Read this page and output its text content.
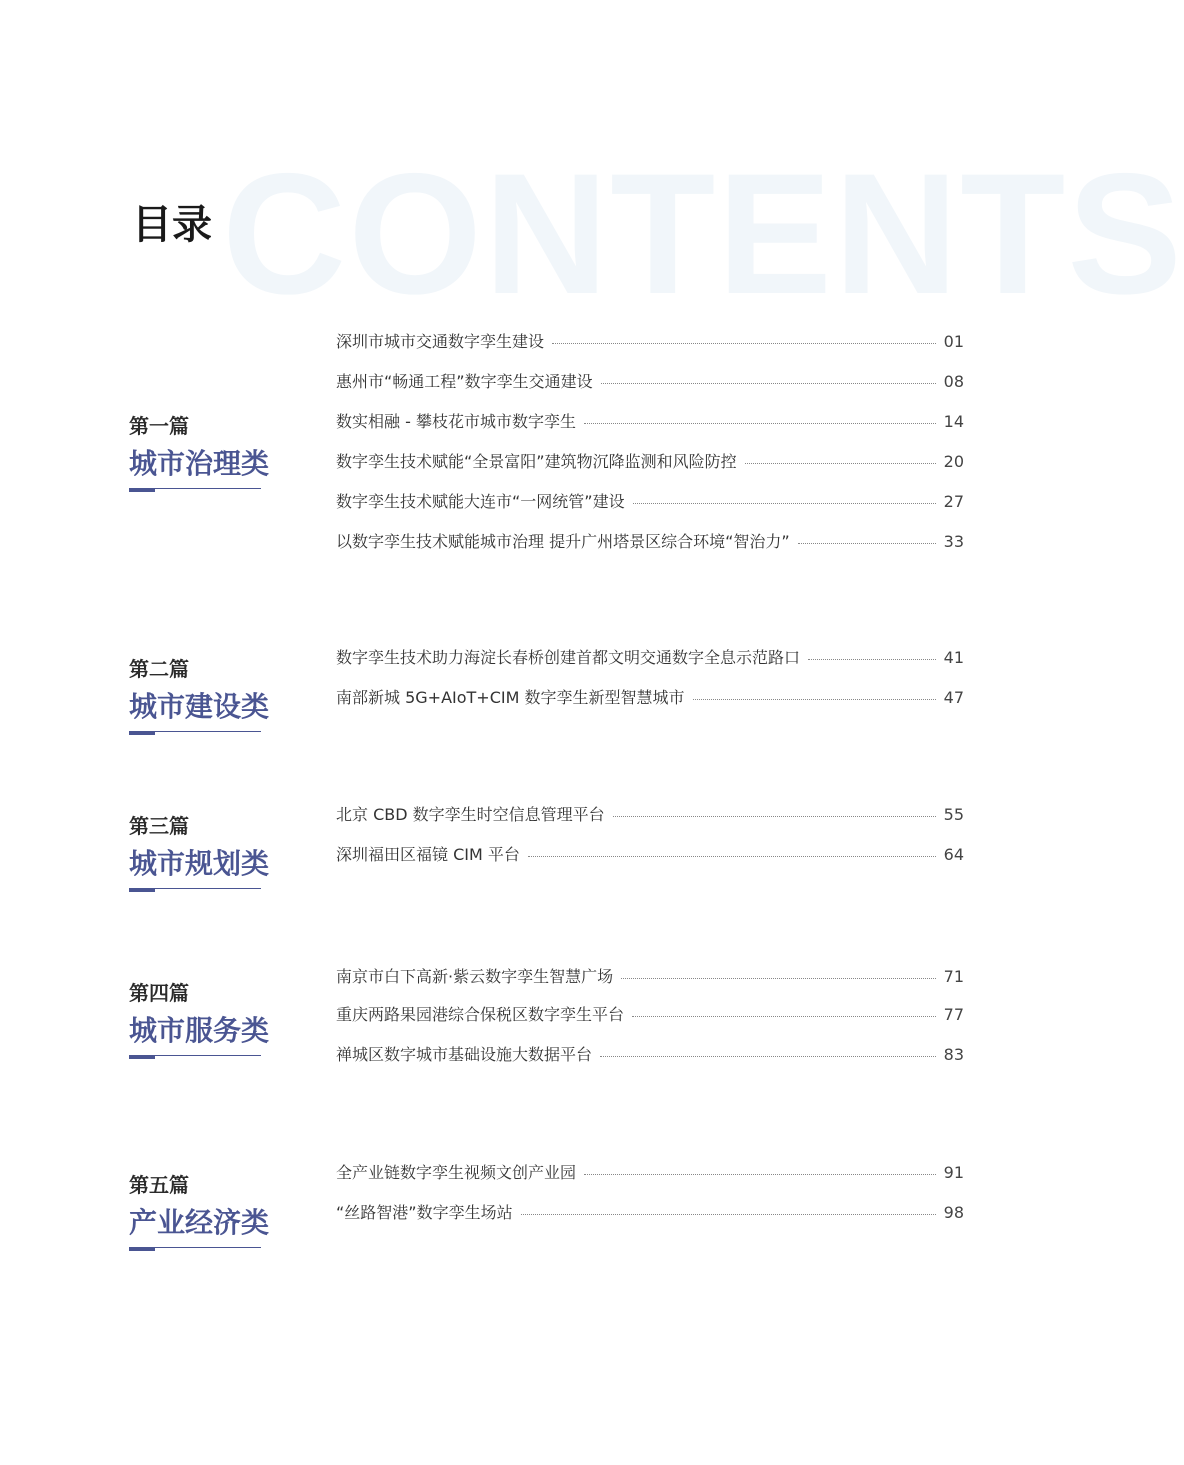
CONTENTS
目录
第一篇
城市治理类
深圳市城市交通数字孪生建设	01
惠州市“畅通工程”数字孪生交通建设	08
数实相融 - 攀枝花市城市数字孪生	14
数字孪生技术赋能“全景富阳”建筑物沉降监测和风险防控	20
数字孪生技术赋能大连市“一网统管”建设	27
以数字孪生技术赋能城市治理 提升广州塔景区综合环境“智治力”	33
第二篇
城市建设类
数字孪生技术助力海淀长春桥创建首都文明交通数字全息示范路口	41
南部新城 5G+AIoT+CIM 数字孪生新型智慧城市	47
第三篇
城市规划类
北京 CBD 数字孪生时空信息管理平台	55
深圳福田区福镜 CIM 平台	64
第四篇
城市服务类
南京市白下高新·紫云数字孪生智慧广场	71
重庆两路果园港综合保税区数字孪生平台	77
禅城区数字城市基础设施大数据平台	83
第五篇
产业经济类
全产业链数字孪生视频文创产业园	91
“丝路智港”数字孪生场站	98
